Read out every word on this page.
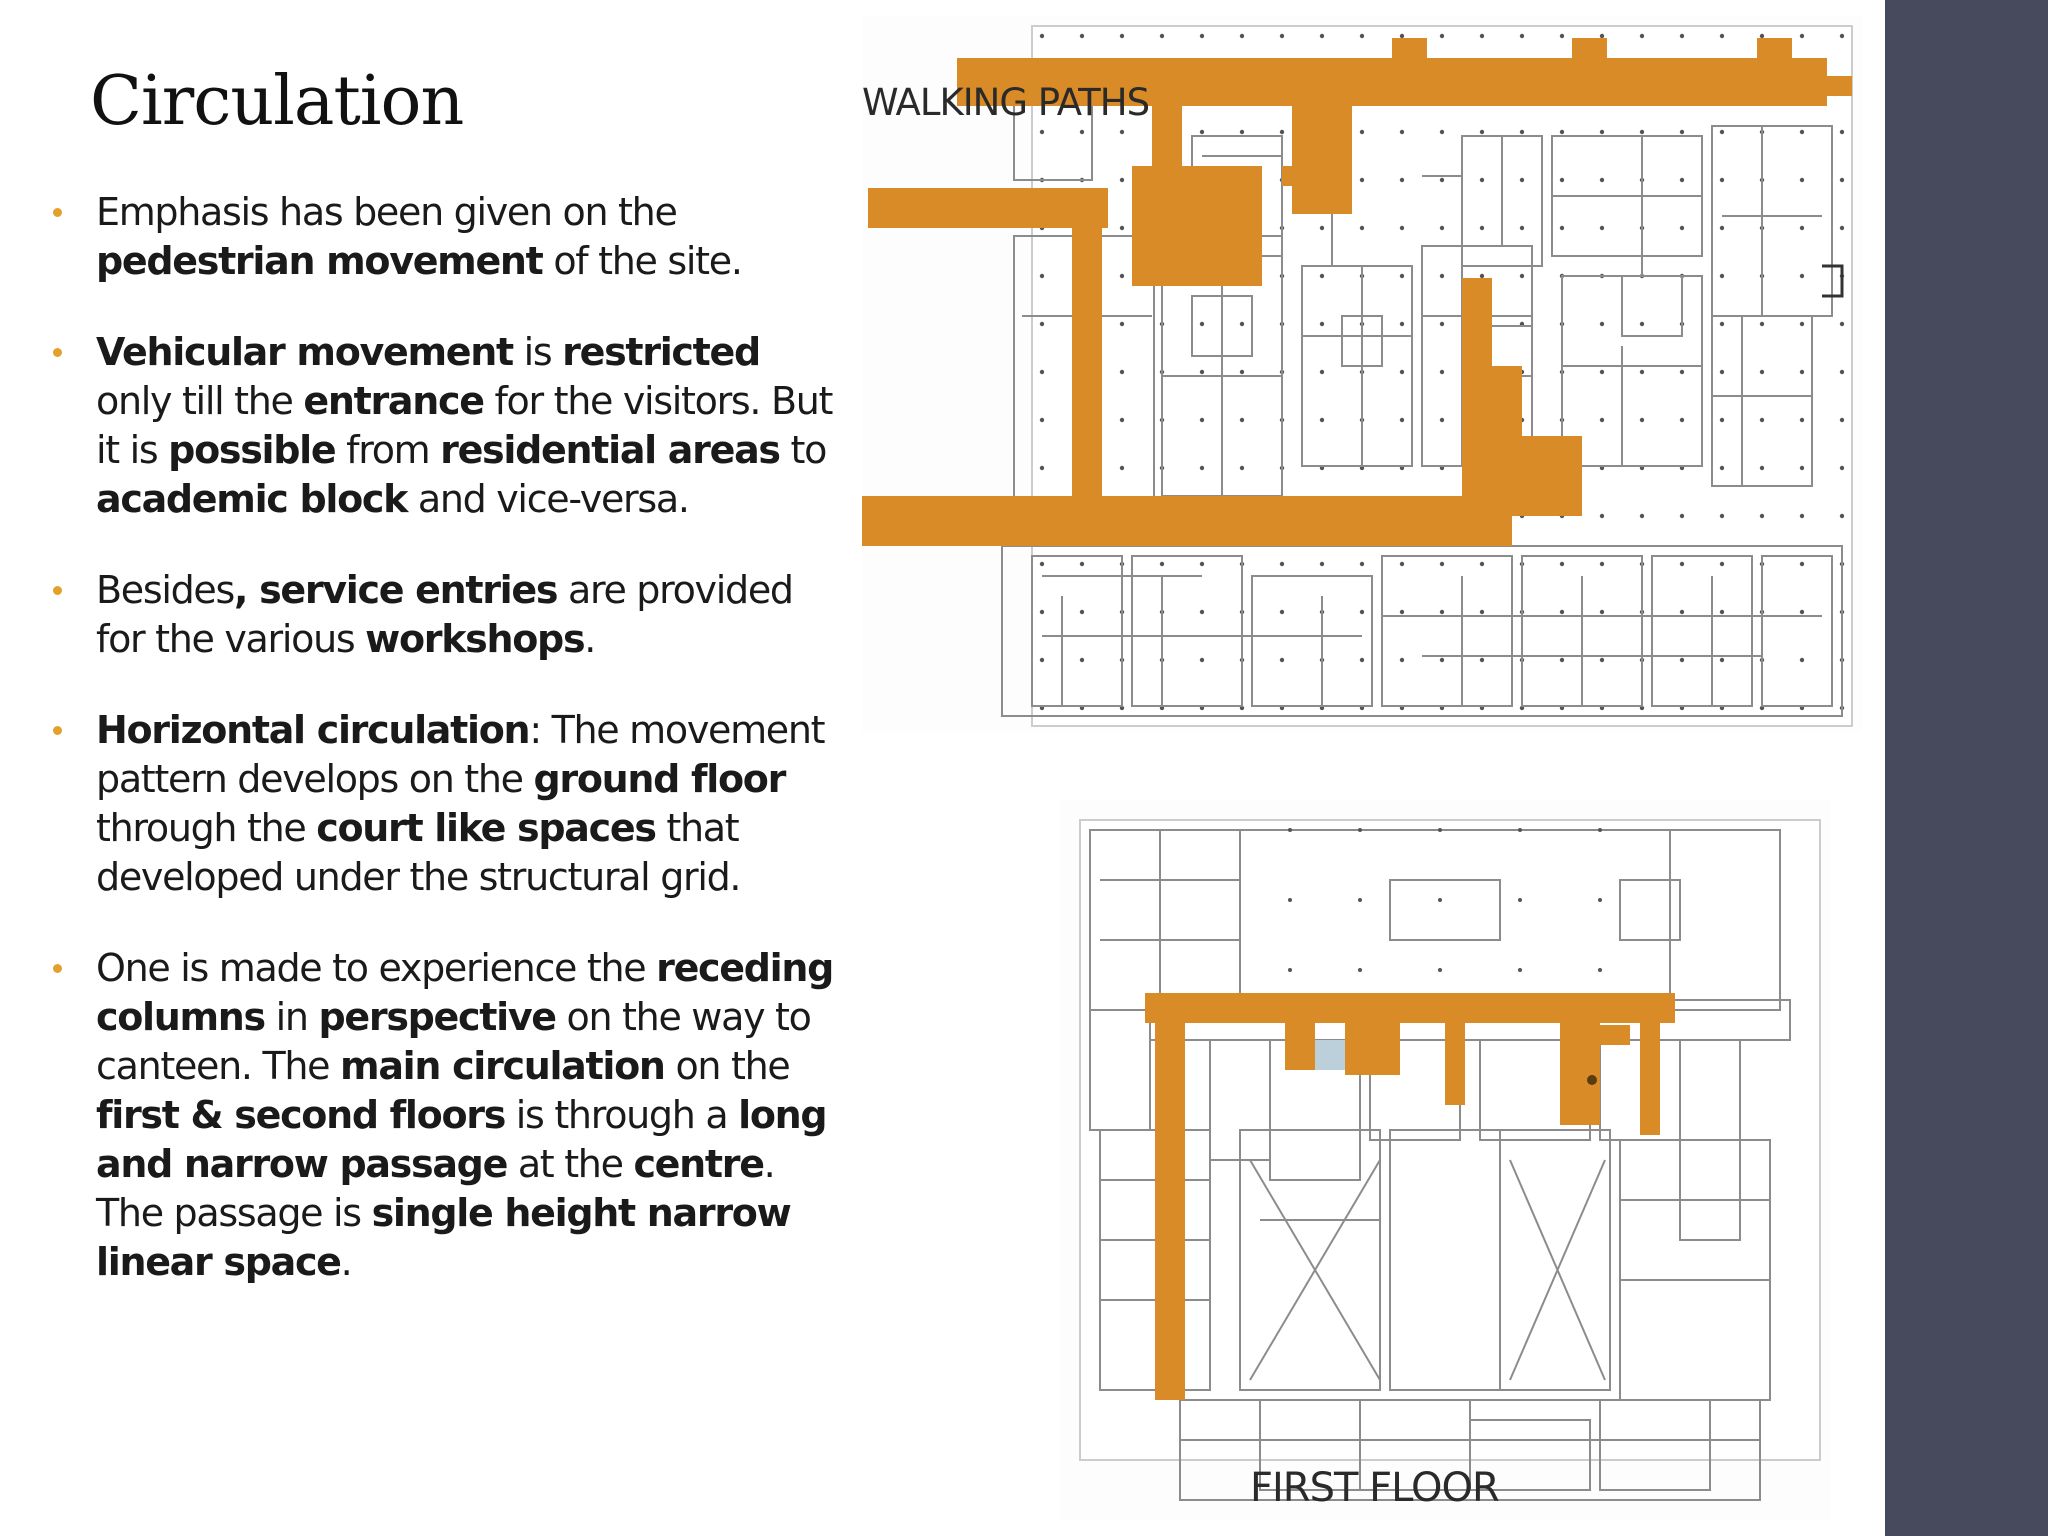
Circulation
Emphasis has been given on the pedestrian movement of the site.
Vehicular movement is restricted only till the entrance for the visitors. But it is possible from residential areas to academic block and vice-versa.
Besides, service entries are provided for the various workshops.
Horizontal circulation: The movement pattern develops on the ground floor through the court like spaces that developed under the structural grid.
One is made to experience the receding columns in perspective on the way to canteen. The main circulation on the first & second floors is through a long and narrow passage at the centre. The passage is single height narrow linear space.
WALKING PATHS
FIRST FLOOR
